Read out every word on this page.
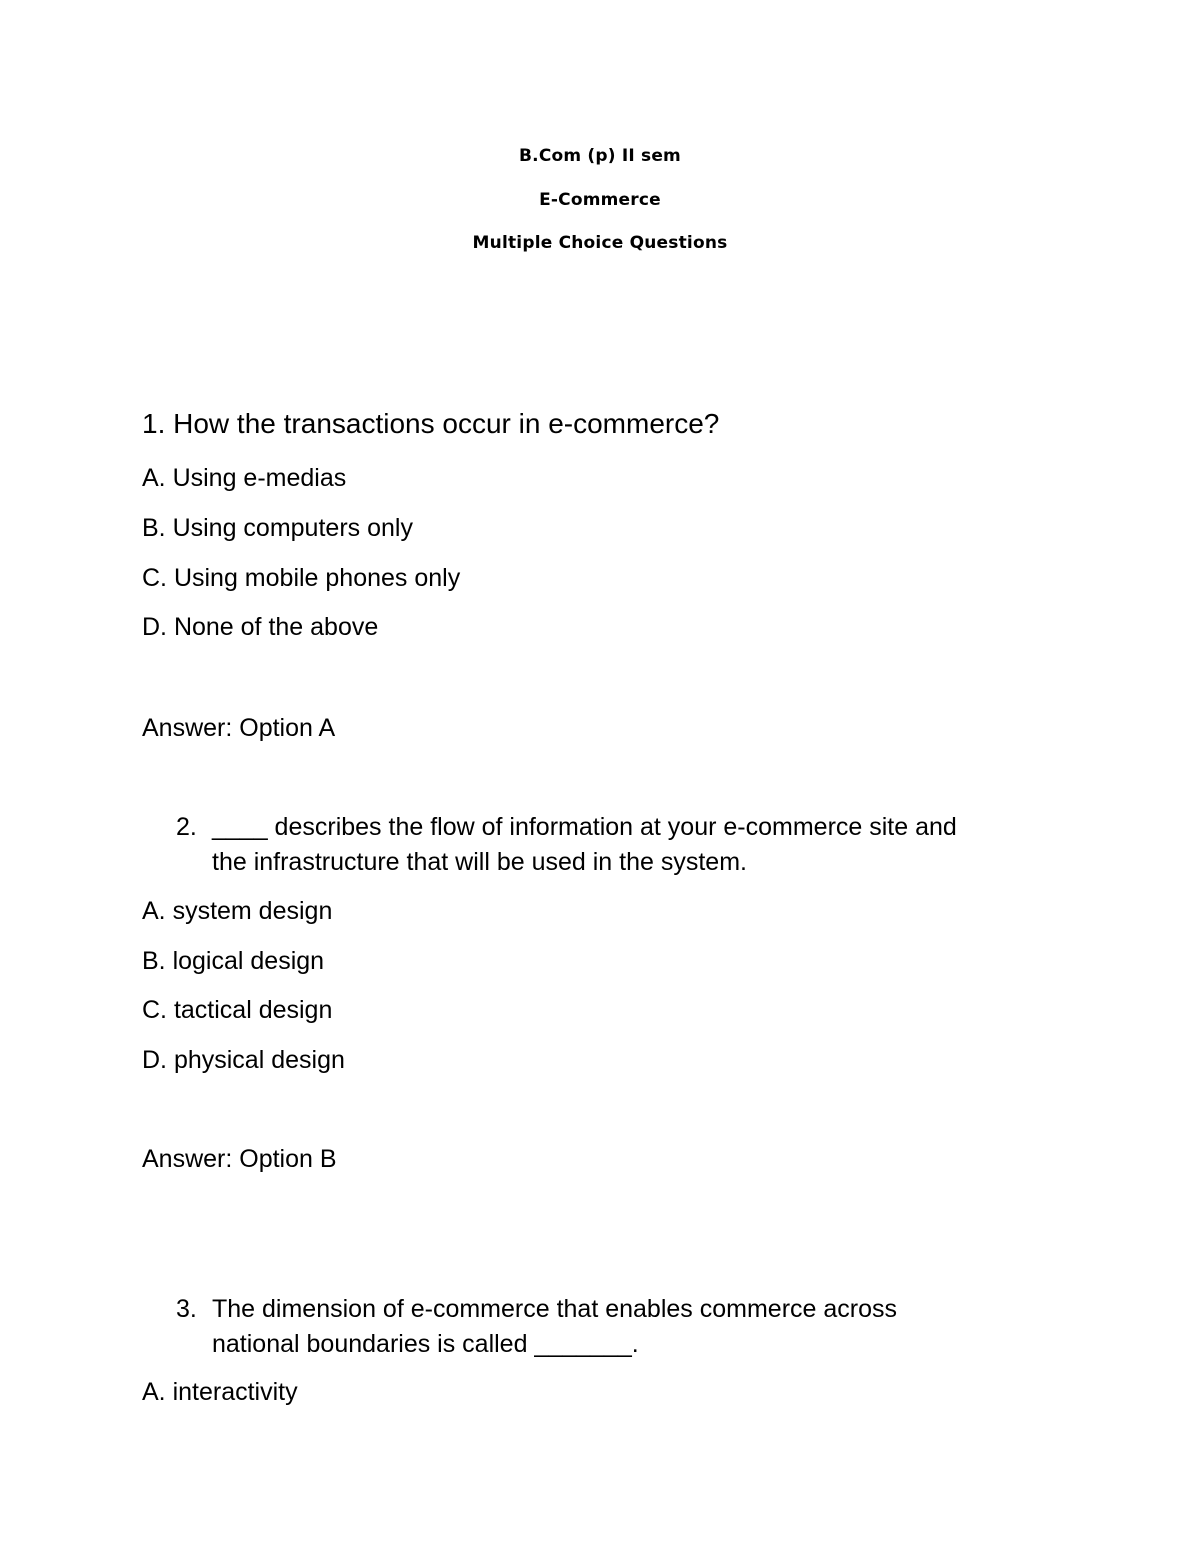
B.Com (p) II sem
E-Commerce
Multiple Choice Questions
1. How the transactions occur in e-commerce?
A. Using e-medias
B. Using computers only
C. Using mobile phones only
D. None of the above
Answer: Option A
2. ____ describes the flow of information at your e-commerce site and
the infrastructure that will be used in the system.
A. system design
B. logical design
C. tactical design
D. physical design
Answer: Option B
3. The dimension of e-commerce that enables commerce across
national boundaries is called _______.
A. interactivity
